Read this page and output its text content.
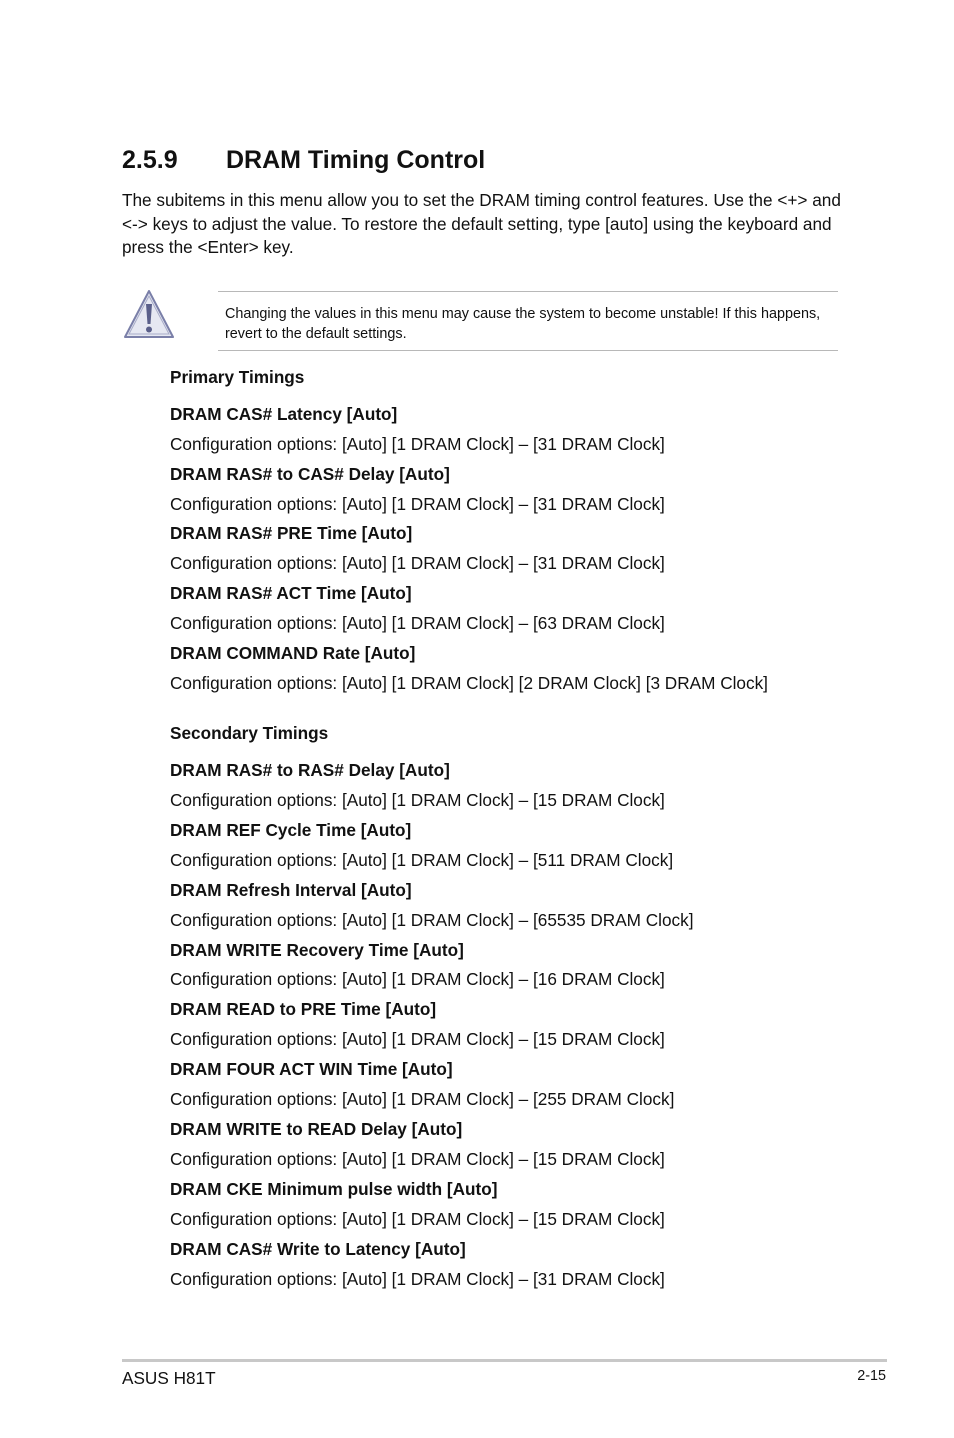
2.5.9 DRAM Timing Control

The subitems in this menu allow you to set the DRAM timing control features. Use the <+> and <-> keys to adjust the value. To restore the default setting, type [auto] using the keyboard and press the <Enter> key.

Changing the values in this menu may cause the system to become unstable! If this happens, revert to the default settings.

Primary Timings

DRAM CAS# Latency [Auto]

Configuration options: [Auto] [1 DRAM Clock] – [31 DRAM Clock]

DRAM RAS# to CAS# Delay [Auto]

Configuration options: [Auto] [1 DRAM Clock] – [31 DRAM Clock]

DRAM RAS# PRE Time [Auto]

Configuration options: [Auto] [1 DRAM Clock] – [31 DRAM Clock]

DRAM RAS# ACT Time [Auto]

Configuration options: [Auto] [1 DRAM Clock] – [63 DRAM Clock]

DRAM COMMAND Rate [Auto]

Configuration options: [Auto] [1 DRAM Clock] [2 DRAM Clock] [3 DRAM Clock]

Secondary Timings

DRAM RAS# to RAS# Delay [Auto]

Configuration options: [Auto] [1 DRAM Clock] – [15 DRAM Clock]

DRAM REF Cycle Time [Auto]

Configuration options: [Auto] [1 DRAM Clock] – [511 DRAM Clock]

DRAM Refresh Interval [Auto]

Configuration options: [Auto] [1 DRAM Clock] – [65535 DRAM Clock]

DRAM WRITE Recovery Time [Auto]

Configuration options: [Auto] [1 DRAM Clock] – [16 DRAM Clock]

DRAM READ to PRE Time [Auto]

Configuration options: [Auto] [1 DRAM Clock] – [15 DRAM Clock]

DRAM FOUR ACT WIN Time [Auto]

Configuration options: [Auto] [1 DRAM Clock] – [255 DRAM Clock]

DRAM WRITE to READ Delay [Auto]

Configuration options: [Auto] [1 DRAM Clock] – [15 DRAM Clock]

DRAM CKE Minimum pulse width [Auto]

Configuration options: [Auto] [1 DRAM Clock] – [15 DRAM Clock]

DRAM CAS# Write to Latency [Auto]

Configuration options: [Auto] [1 DRAM Clock] – [31 DRAM Clock]

ASUS H81T	2-15
